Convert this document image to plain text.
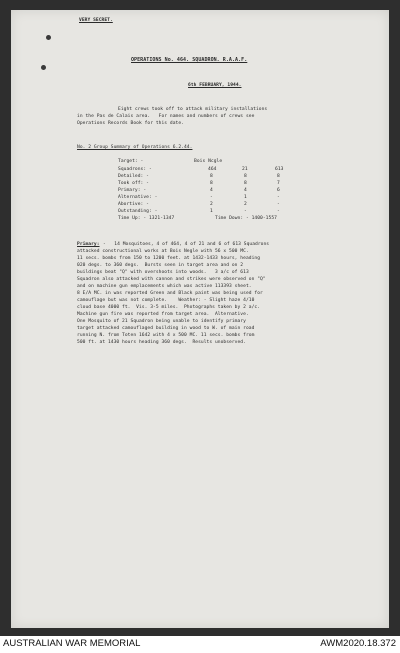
VERY SECRET.
OPERATIONS No. 464. SQUADRON. R.A.A.F.
6th FEBRUARY, 1944.
Eight crews took off to attack military installations
in the Pas de Calais area.   For names and numbers of crews see
Operations Records Book for this date.
No. 2 Group Summary of Operations 6.2.44.
Target: -	Bois Ncgle
Squadrons: -	464	21	613
Detailed: -	8	8	8
Took off: -	8	8	7
Primary: -	4	4	6
Alternative: -	-	1	-
Abortive: -	2	2	-
Outstanding: -	1	-	-
Time Up: - 1321-1347	Time Down: - 1400-1557
Primary: -   14 Mosquitoes, 4 of 464, 4 of 21 and 6 of 613 Squadrons
attacked constructional works at Bois Negle with 56 x 500 MC.
11 secs. bombs from 150 to 1200 feet. at 1432-1433 hours, heading
020 degs. to 360 degs.  Bursts seen in target area and on 2
buildings beat "Q" with overshoots into woods.   3 a/c of 613
Squadron also attacked with cannon and strikes were observed on "Q"
and on machine gun emplacements which was active 113393 sheet.
8 E/A MC. in was reported Green and Black paint was being used for
camouflage but was not complete.    Weather: - Slight haze 4/10
cloud base 4000 ft.  Vis. 3-5 miles.  Photographs taken by 2 a/c.
Machine gun fire was reported from target area.  Alternative.
One Mosquito of 21 Squadron being unable to identify primary
target attacked camouflaged building in wood to W. of main road
running N. from Toten 1642 with 4 x 500 MC. 11 secs. bombs from
500 ft. at 1430 hours heading 360 degs.  Results unobserved.
AUSTRALIAN WAR MEMORIAL	AWM2020.18.372
